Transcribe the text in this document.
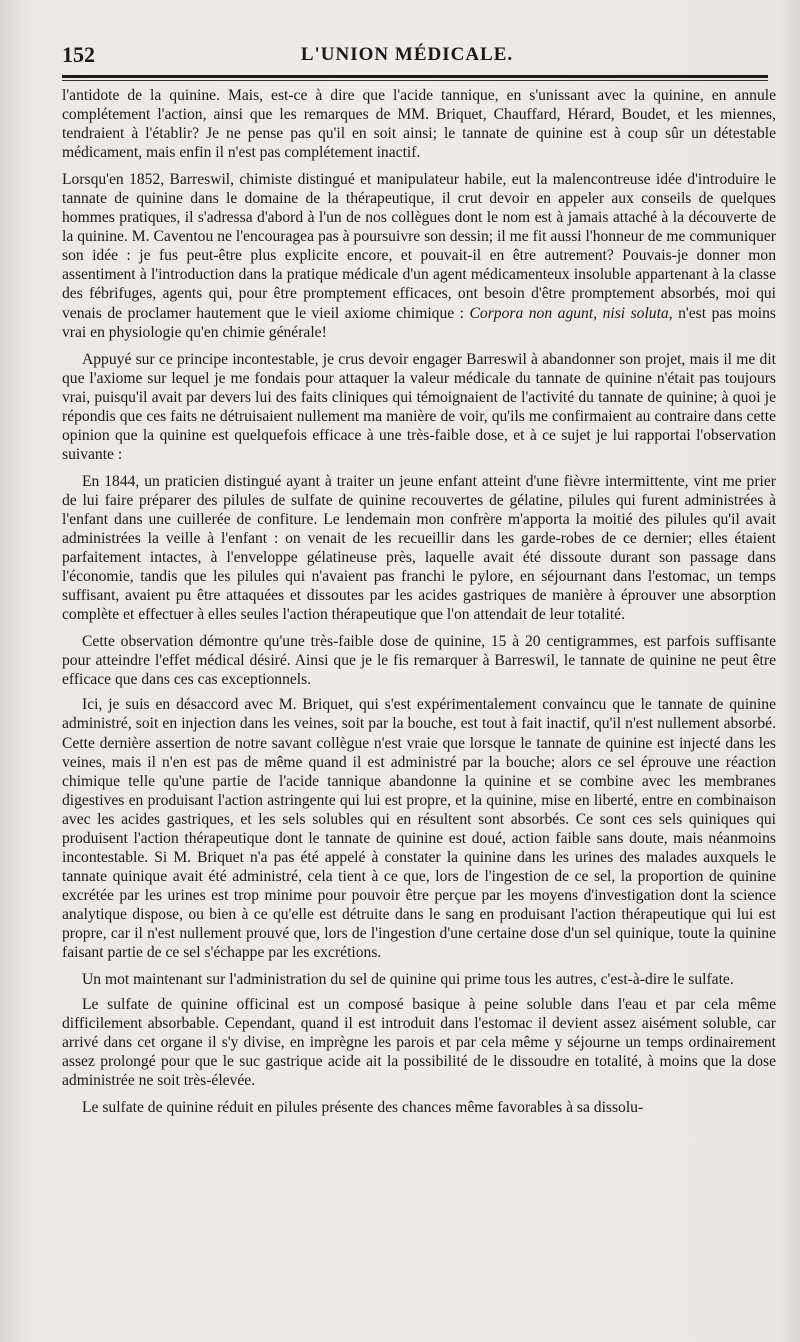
152	L'UNION MÉDICALE.

l'antidote de la quinine. Mais, est-ce à dire que l'acide tannique, en s'unissant avec la quinine, en annule complétement l'action, ainsi que les remarques de MM. Briquet, Chauffard, Hérard, Boudet, et les miennes, tendraient à l'établir? Je ne pense pas qu'il en soit ainsi; le tannate de quinine est à coup sûr un détestable médicament, mais enfin il n'est pas complétement inactif.

Lorsqu'en 1852, Barreswil, chimiste distingué et manipulateur habile, eut la malencontreuse idée d'introduire le tannate de quinine dans le domaine de la thérapeutique, il crut devoir en appeler aux conseils de quelques hommes pratiques, il s'adressa d'abord à l'un de nos collègues dont le nom est à jamais attaché à la découverte de la quinine. M. Caventou ne l'encouragea pas à poursuivre son dessin; il me fit aussi l'honneur de me communiquer son idée : je fus peut-être plus explicite encore, et pouvait-il en être autrement? Pouvais-je donner mon assentiment à l'introduction dans la pratique médicale d'un agent médicamenteux insoluble appartenant à la classe des fébrifuges, agents qui, pour être promptement efficaces, ont besoin d'être promptement absorbés, moi qui venais de proclamer hautement que le vieil axiome chimique : Corpora non agunt, nisi soluta, n'est pas moins vrai en physiologie qu'en chimie générale!

Appuyé sur ce principe incontestable, je crus devoir engager Barreswil à abandonner son projet, mais il me dit que l'axiome sur lequel je me fondais pour attaquer la valeur médicale du tannate de quinine n'était pas toujours vrai, puisqu'il avait par devers lui des faits cliniques qui témoignaient de l'activité du tannate de quinine; à quoi je répondis que ces faits ne détruisaient nullement ma manière de voir, qu'ils me confirmaient au contraire dans cette opinion que la quinine est quelquefois efficace à une très-faible dose, et à ce sujet je lui rapportai l'observation suivante :

En 1844, un praticien distingué ayant à traiter un jeune enfant atteint d'une fièvre intermittente, vint me prier de lui faire préparer des pilules de sulfate de quinine recouvertes de gélatine, pilules qui furent administrées à l'enfant dans une cuillerée de confiture. Le lendemain mon confrère m'apporta la moitié des pilules qu'il avait administrées la veille à l'enfant : on venait de les recueillir dans les garde-robes de ce dernier; elles étaient parfaitement intactes, à l'enveloppe gélatineuse près, laquelle avait été dissoute durant son passage dans l'économie, tandis que les pilules qui n'avaient pas franchi le pylore, en séjournant dans l'estomac, un temps suffisant, avaient pu être attaquées et dissoutes par les acides gastriques de manière à éprouver une absorption complète et effectuer à elles seules l'action thérapeutique que l'on attendait de leur totalité.

Cette observation démontre qu'une très-faible dose de quinine, 15 à 20 centigrammes, est parfois suffisante pour atteindre l'effet médical désiré. Ainsi que je le fis remarquer à Barreswil, le tannate de quinine ne peut être efficace que dans ces cas exceptionnels.

Ici, je suis en désaccord avec M. Briquet, qui s'est expérimentalement convaincu que le tannate de quinine administré, soit en injection dans les veines, soit par la bouche, est tout à fait inactif, qu'il n'est nullement absorbé. Cette dernière assertion de notre savant collègue n'est vraie que lorsque le tannate de quinine est injecté dans les veines, mais il n'en est pas de même quand il est administré par la bouche; alors ce sel éprouve une réaction chimique telle qu'une partie de l'acide tannique abandonne la quinine et se combine avec les membranes digestives en produisant l'action astringente qui lui est propre, et la quinine, mise en liberté, entre en combinaison avec les acides gastriques, et les sels solubles qui en résultent sont absorbés. Ce sont ces sels quiniques qui produisent l'action thérapeutique dont le tannate de quinine est doué, action faible sans doute, mais néanmoins incontestable. Si M. Briquet n'a pas été appelé à constater la quinine dans les urines des malades auxquels le tannate quinique avait été administré, cela tient à ce que, lors de l'ingestion de ce sel, la proportion de quinine excrétée par les urines est trop minime pour pouvoir être perçue par les moyens d'investigation dont la science analytique dispose, ou bien à ce qu'elle est détruite dans le sang en produisant l'action thérapeutique qui lui est propre, car il n'est nullement prouvé que, lors de l'ingestion d'une certaine dose d'un sel quinique, toute la quinine faisant partie de ce sel s'échappe par les excrétions.

Un mot maintenant sur l'administration du sel de quinine qui prime tous les autres, c'est-à-dire le sulfate.

Le sulfate de quinine officinal est un composé basique à peine soluble dans l'eau et par cela même difficilement absorbable. Cependant, quand il est introduit dans l'estomac il devient assez aisément soluble, car arrivé dans cet organe il s'y divise, en imprègne les parois et par cela même y séjourne un temps ordinairement assez prolongé pour que le suc gastrique acide ait la possibilité de le dissoudre en totalité, à moins que la dose administrée ne soit très-élevée.

Le sulfate de quinine réduit en pilules présente des chances même favorables à sa dissolu-
